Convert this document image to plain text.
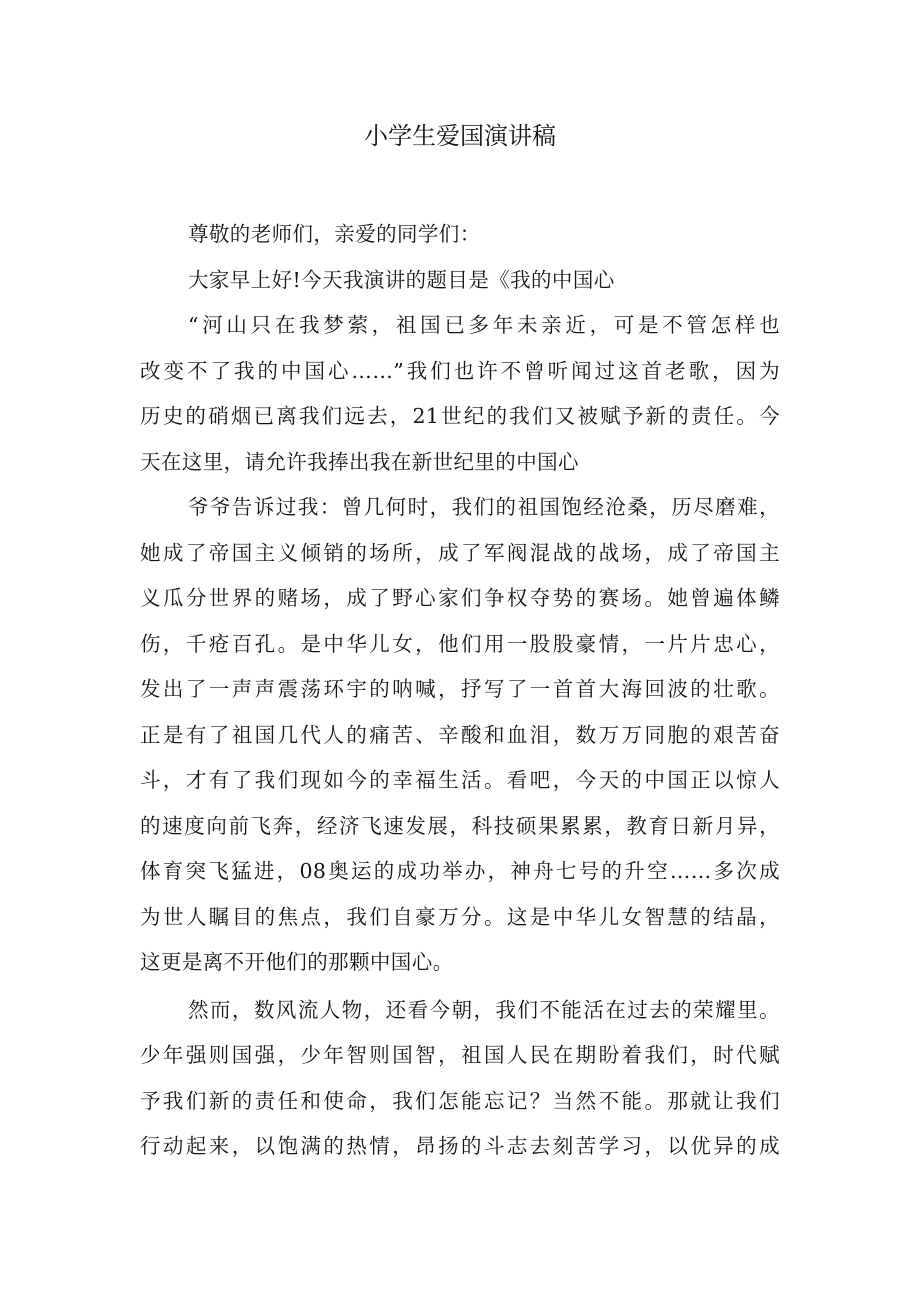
小学生爱国演讲稿
尊敬的老师们，亲爱的同学们：
大家早上好!今天我演讲的题目是《我的中国心
“河山只在我梦萦，祖国已多年未亲近，可是不管怎样也
改变不了我的中国心……”我们也许不曾听闻过这首老歌，因为
历史的硝烟已离我们远去，21世纪的我们又被赋予新的责任。今
天在这里，请允许我捧出我在新世纪里的中国心
爷爷告诉过我：曾几何时，我们的祖国饱经沧桑，历尽磨难，
她成了帝国主义倾销的场所，成了军阀混战的战场，成了帝国主
义瓜分世界的赌场，成了野心家们争权夺势的赛场。她曾遍体鳞
伤，千疮百孔。是中华儿女，他们用一股股豪情，一片片忠心，
发出了一声声震荡环宇的呐喊，抒写了一首首大海回波的壮歌。
正是有了祖国几代人的痛苦、辛酸和血泪，数万万同胞的艰苦奋
斗，才有了我们现如今的幸福生活。看吧，今天的中国正以惊人
的速度向前飞奔，经济飞速发展，科技硕果累累，教育日新月异，
体育突飞猛进，08奥运的成功举办，神舟七号的升空……多次成
为世人瞩目的焦点，我们自豪万分。这是中华儿女智慧的结晶，
这更是离不开他们的那颗中国心。
然而，数风流人物，还看今朝，我们不能活在过去的荣耀里。
少年强则国强，少年智则国智，祖国人民在期盼着我们，时代赋
予我们新的责任和使命，我们怎能忘记？当然不能。那就让我们
行动起来，以饱满的热情，昂扬的斗志去刻苦学习，以优异的成
